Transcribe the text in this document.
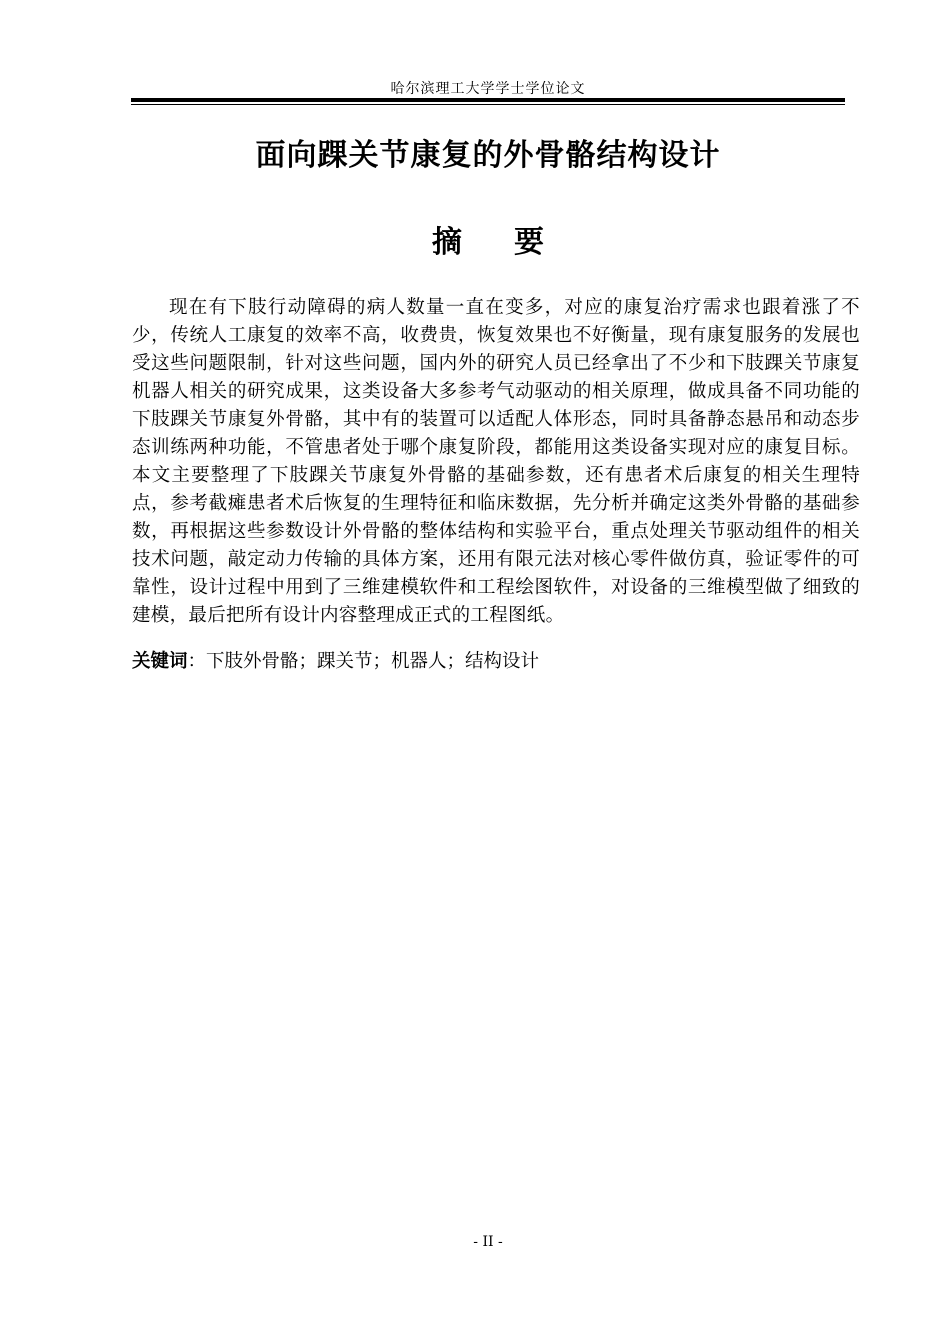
哈尔滨理工大学学士学位论文
面向踝关节康复的外骨骼结构设计
摘要

现在有下肢行动障碍的病人数量一直在变多，对应的康复治疗需求也跟着涨了不少，传统人工康复的效率不高，收费贵，恢复效果也不好衡量，现有康复服务的发展也受这些问题限制，针对这些问题，国内外的研究人员已经拿出了不少和下肢踝关节康复机器人相关的研究成果，这类设备大多参考气动驱动的相关原理，做成具备不同功能的下肢踝关节康复外骨骼，其中有的装置可以适配人体形态，同时具备静态悬吊和动态步态训练两种功能，不管患者处于哪个康复阶段，都能用这类设备实现对应的康复目标。本文主要整理了下肢踝关节康复外骨骼的基础参数，还有患者术后康复的相关生理特点，参考截瘫患者术后恢复的生理特征和临床数据，先分析并确定这类外骨骼的基础参数，再根据这些参数设计外骨骼的整体结构和实验平台，重点处理关节驱动组件的相关技术问题，敲定动力传输的具体方案，还用有限元法对核心零件做仿真，验证零件的可靠性，设计过程中用到了三维建模软件和工程绘图软件，对设备的三维模型做了细致的建模，最后把所有设计内容整理成正式的工程图纸。

关键词：下肢外骨骼；踝关节；机器人；结构设计

- II -
